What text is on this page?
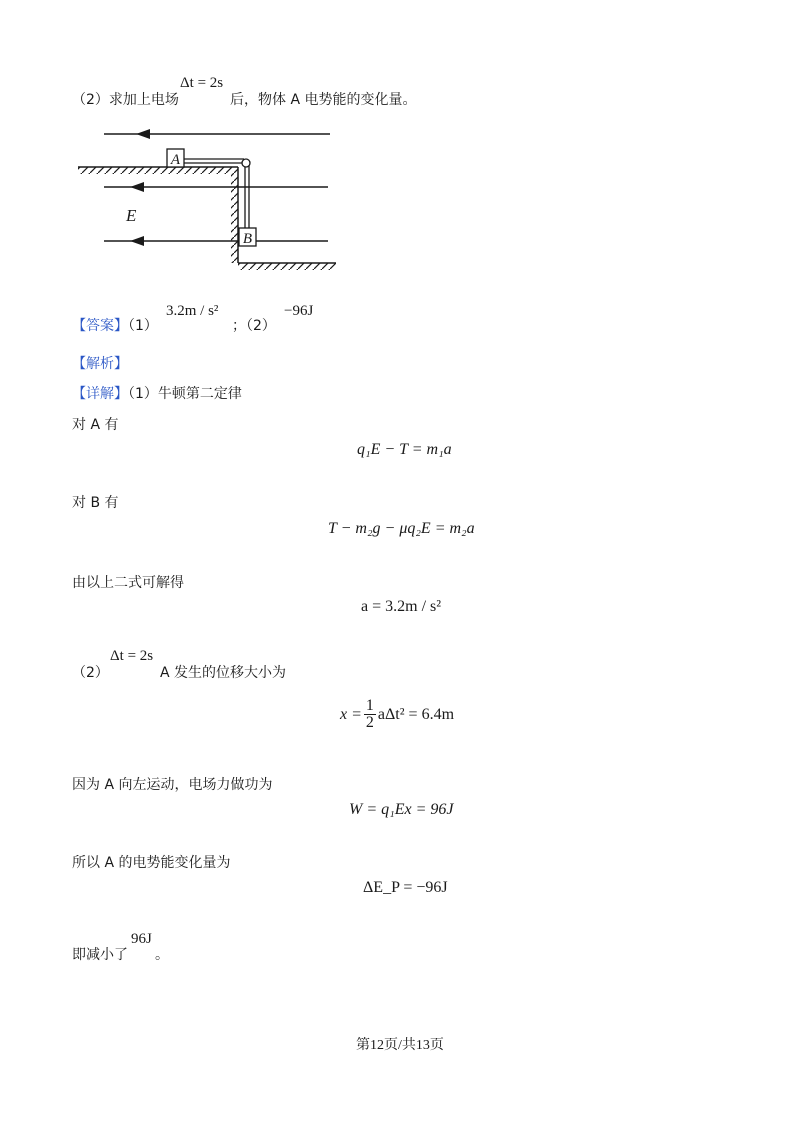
（2）求加上电场
Δt = 2s
后，物体 A 电势能的变化量。
A
B
E
【答案】（1）
3.2m / s²
；（2）
−96J
【解析】
【详解】（1）牛顿第二定律
对 A 有
q₁E − T = m₁a
对 B 有
T − m₂g − μq₂E = m₂a
由以上二式可解得
a = 3.2m / s²
（2）
Δt = 2s
A 发生的位移大小为
$x = \frac{1}{2} a\Delta t^2 = 6.4m$
因为 A 向左运动，电场力做功为
W = q₁Ex = 96J
所以 A 的电势能变化量为
ΔE_P = −96J
即减小了
96J
。
第12页/共13页
